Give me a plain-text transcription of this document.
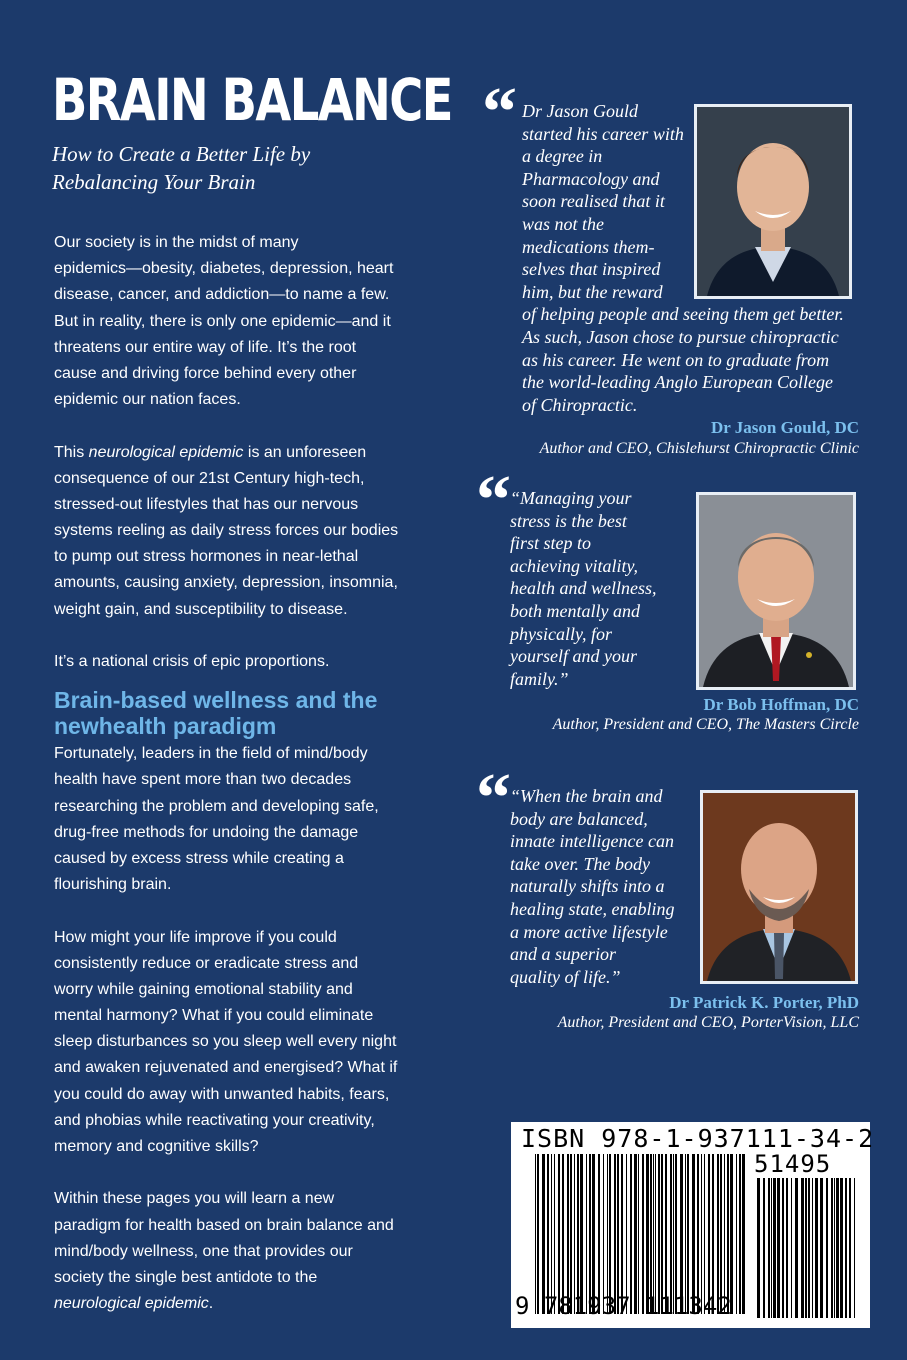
BRAIN BALANCE
How to Create a Better Life by
Rebalancing Your Brain
Our society is in the midst of many
epidemics—obesity, diabetes, depression, heart
disease, cancer, and addiction—to name a few.
But in reality, there is only one epidemic—and it
threatens our entire way of life. It’s the root
cause and driving force behind every other
epidemic our nation faces.
This neurological epidemic is an unforeseen
consequence of our 21st Century high-tech,
stressed-out lifestyles that has our nervous
systems reeling as daily stress forces our bodies
to pump out stress hormones in near-lethal
amounts, causing anxiety, depression, insomnia,
weight gain, and susceptibility to disease.
It’s a national crisis of epic proportions.
Brain-based wellness and the
newhealth paradigm
Fortunately, leaders in the field of mind/body
health have spent more than two decades
researching the problem and developing safe,
drug-free methods for undoing the damage
caused by excess stress while creating a
flourishing brain.
How might your life improve if you could
consistently reduce or eradicate stress and
worry while gaining emotional stability and
mental harmony? What if you could eliminate
sleep disturbances so you sleep well every night
and awaken rejuvenated and energised? What if
you could do away with unwanted habits, fears,
and phobias while reactivating your creativity,
memory and cognitive skills?
Within these pages you will learn a new
paradigm for health based on brain balance and
mind/body wellness, one that provides our
society the single best antidote to the
neurological epidemic.
“ Dr Jason Gould
started his career with
a degree in
Pharmacology and
soon realised that it
was not the
medications them-
selves that inspired
him, but the reward
of helping people and seeing them get better.
As such, Jason chose to pursue chiropractic
as his career. He went on to graduate from
the world-leading Anglo European College
of Chiropractic.
Dr Jason Gould, DC
Author and CEO, Chislehurst Chiropractic Clinic
“ “Managing your
stress is the best
first step to
achieving vitality,
health and wellness,
both mentally and
physically, for
yourself and your
family.”
Dr Bob Hoffman, DC
Author, President and CEO, The Masters Circle
“ “When the brain and
body are balanced,
innate intelligence can
take over. The body
naturally shifts into a
healing state, enabling
a more active lifestyle
and a superior
quality of life.”
Dr Patrick K. Porter, PhD
Author, President and CEO, PorterVision, LLC
ISBN 978-1-937111-34-2
51495
9 781937 111342
